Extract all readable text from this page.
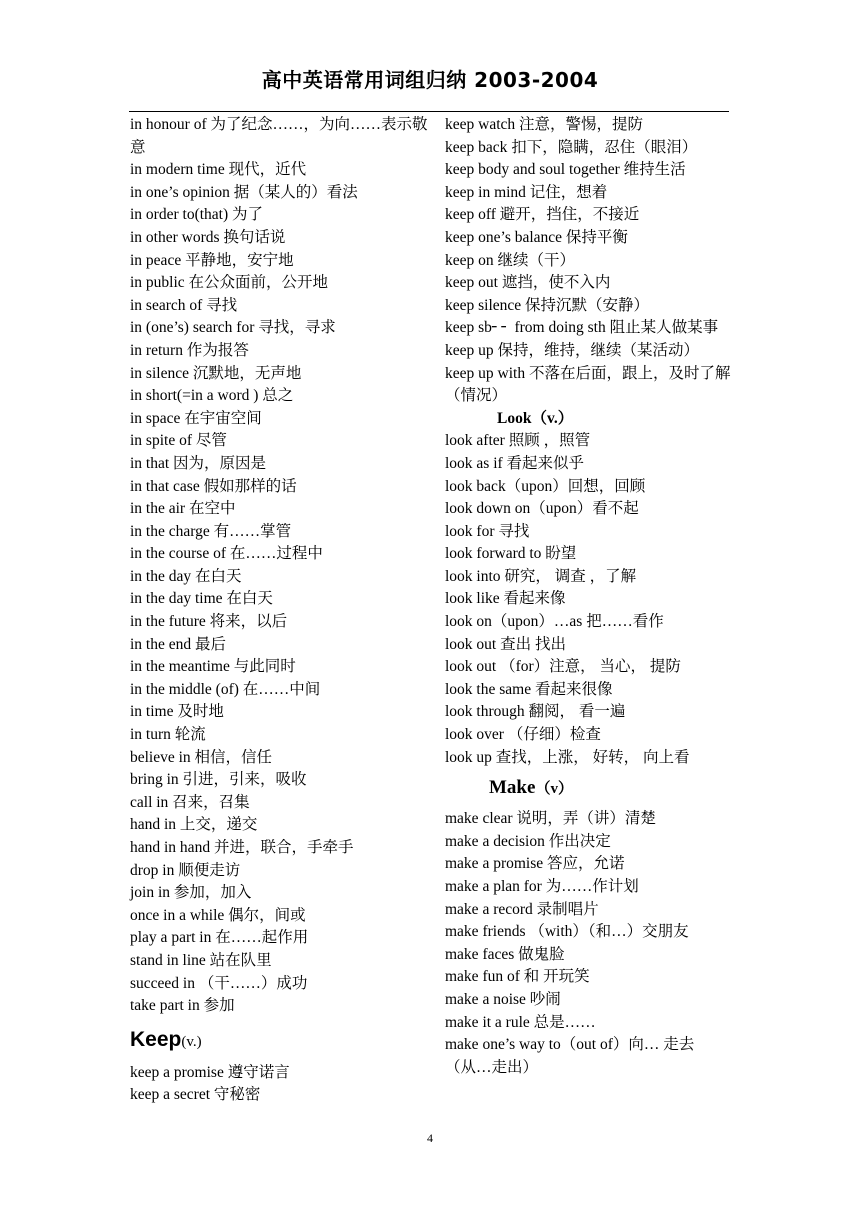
高中英语常用词组归纳 2003-2004
in honour of 为了纪念……，为向……表示敬意
in modern time 现代，近代
in one’s opinion 据（某人的）看法
in order to(that) 为了
in other words 换句话说
in peace 平静地，安宁地
in public 在公众面前，公开地
in search of 寻找
in (one’s) search for 寻找，寻求
in return 作为报答
in silence 沉默地，无声地
in short(=in a word ) 总之
in space 在宇宙空间
in spite of 尽管
in that 因为，原因是
in that case 假如那样的话
in the air 在空中
in the charge 有……掌管
in the course of 在……过程中
in the day 在白天
in the day time 在白天
in the future 将来，以后
in the end 最后
in the meantime 与此同时
in the middle (of) 在……中间
in time 及时地
in turn 轮流
believe in 相信，信任
bring in 引进，引来，吸收
call in 召来，召集
hand in 上交，递交
hand in hand 并进，联合，手牵手
drop in 顺便走访
join in 参加，加入
once in a while 偶尔，间或
play a part in 在……起作用
stand in line 站在队里
succeed in （干……）成功
take part in 参加
Keep(v.)
keep a promise 遵守诺言
keep a secret 守秘密
keep watch 注意，警惕，提防
keep back 扣下，隐瞒，忍住（眼泪）
keep body and soul together 维持生活
keep in mind 记住，想着
keep off 避开，挡住，不接近
keep one’s balance 保持平衡
keep on 继续（干）
keep out 遮挡，使不入内
keep silence 保持沉默（安静）
keep sb╴╴ from doing sth 阻止某人做某事
keep up 保持，维持，继续（某活动）
keep up with 不落在后面，跟上，及时了解（情况）
Look（v.）
look after 照顾 ，照管
look as if 看起来似乎
look back（upon）回想，回顾
look down on（upon）看不起
look for 寻找
look forward to 盼望
look into 研究， 调查 ，了解
look like 看起来像
look on（upon）…as 把……看作
look out 查出 找出
look out （for）注意， 当心， 提防
look the same 看起来很像
look through 翻阅， 看一遍
look over （仔细）检查
look up 查找，上涨， 好转， 向上看
Make（v）
make clear 说明，弄（讲）清楚
make a decision 作出决定
make a promise 答应，允诺
make a plan for 为……作计划
make a record 录制唱片
make friends （with）（和…）交朋友
make faces 做鬼脸
make fun of 和 开玩笑
make a noise 吵闹
make it a rule 总是……
make one’s way to（out of）向… 走去（从…走出）
4
